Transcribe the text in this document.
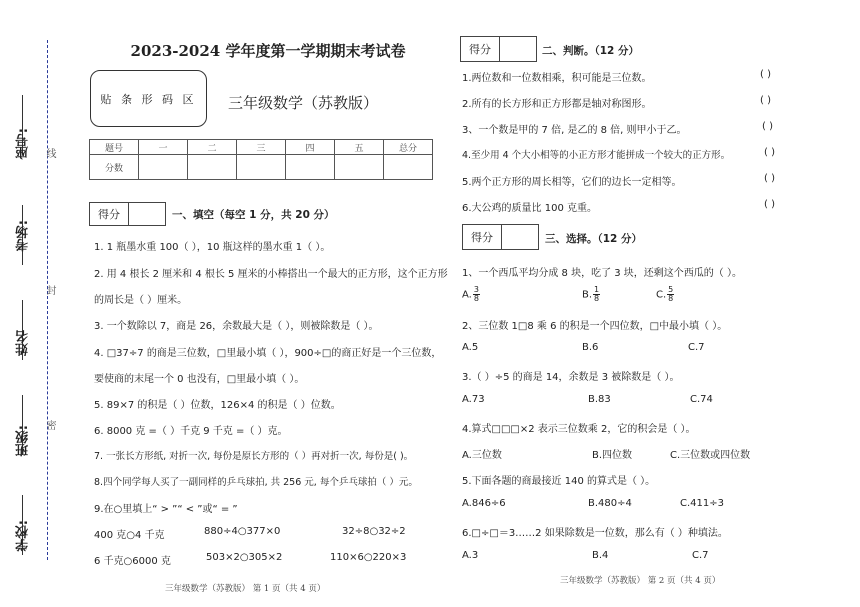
座号:
考场:
姓名
班级:
学校:
线
封
密
2023-2024 学年度第一学期期末考试卷
贴 条 形 码 区 三年级数学（苏教版）
题号	一	二	三	四	五	总分
分数						
得分	一、填空（每空 1 分，共 20 分）
1. 1 瓶墨水重 100（ ），10 瓶这样的墨水重 1（ ）。
2. 用 4 根长 2 厘米和 4 根长 5 厘米的小棒搭出一个最大的正方形，这个正方形
的周长是（ ）厘米。
3. 一个数除以 7，商是 26，余数最大是（ ），则被除数是（ ）。
4. □37÷7 的商是三位数，□里最小填（ ），900÷□的商正好是一个三位数，
要使商的末尾一个 0 也没有，□里最小填（ ）。
5. 89×7 的积是（ ）位数，126×4 的积是（ ）位数。
6. 8000 克 =（ ）千克 9 千克 =（ ）克。
7. 一张长方形纸, 对折一次, 每份是原长方形的（ ）再对折一次, 每份是( )。
8.四个同学每人买了一副同样的乒乓球拍, 共 256 元, 每个乒乓球拍（ ）元。
9.在○里填上“ > ”“ < ”或“ = ”
400 克○4 千克	880÷4○377×0	32÷8○32÷2
6 千克○6000 克	503×2○305×2	110×6○220×3
三年级数学（苏教版） 第 1 页（共 4 页）
得分	二、判断。（12 分）
1.两位数和一位数相乘，积可能是三位数。	( )
2.所有的长方形和正方形都是轴对称图形。	( )
3、一个数是甲的 7 倍, 是乙的 8 倍, 则甲小于乙。	( )
4.至少用 4 个大小相等的小正方形才能拼成一个较大的正方形。	( )
5.两个正方形的周长相等，它们的边长一定相等。	( )
6.大公鸡的质量比 100 克重。	( )
得分	三、选择。（12 分）
1、一个西瓜平均分成 8 块，吃了 3 块，还剩这个西瓜的（ ）。
A. $\frac{3}{8}$	B. $\frac{1}{8}$	C. $\frac{5}{8}$
2、三位数 1□8 乘 6 的积是一个四位数，□中最小填（ ）。
A.5	B.6	C.7
3.（ ）÷5 的商是 14，余数是 3 被除数是（ ）。
A.73	B.83	C.74
4.算式□□□×2 表示三位数乘 2，它的积会是（ ）。
A.三位数	B.四位数	C.三位数或四位数
5.下面各题的商最接近 140 的算式是（ ）。
A.846÷6	B.480÷4	C.411÷3
6.□÷□＝3……2 如果除数是一位数，那么有（ ）种填法。
A.3	B.4	C.7
三年级数学（苏教版） 第 2 页（共 4 页）
